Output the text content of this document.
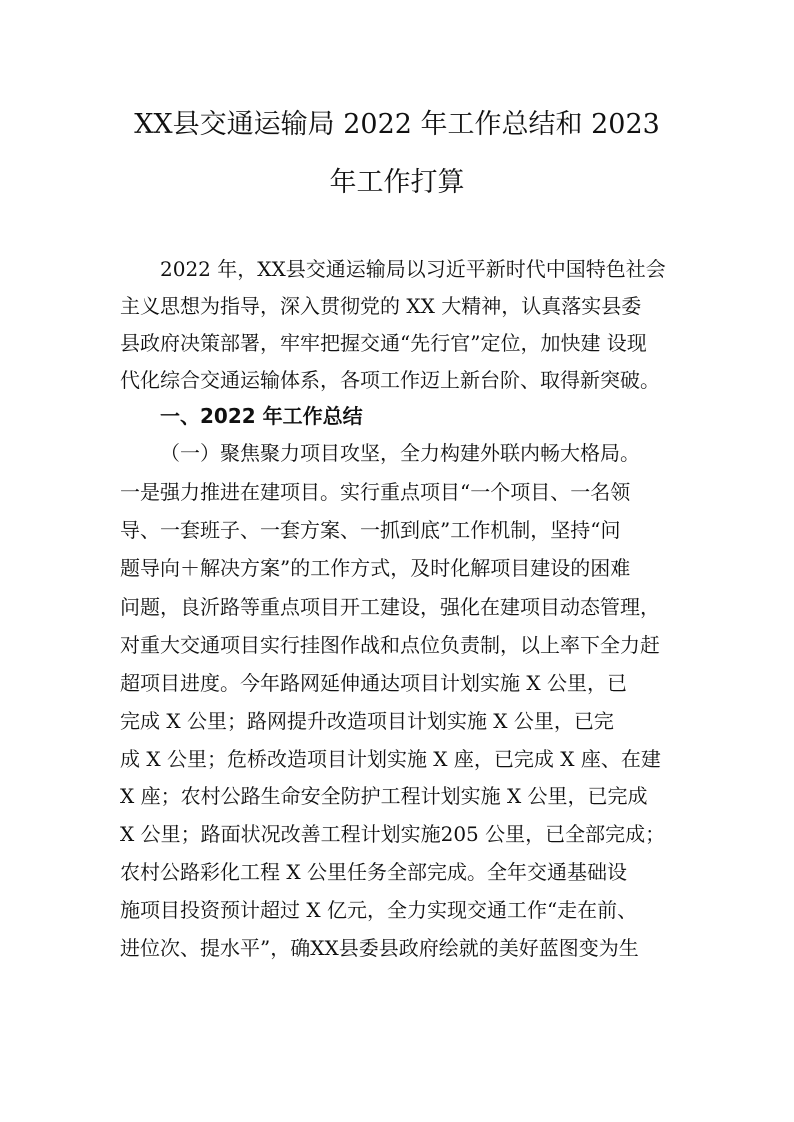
XX县交通运输局 2022 年工作总结和 2023
年工作打算
2022 年，XX县交通运输局以习近平新时代中国特色社会
主义思想为指导，深入贯彻党的 XX 大精神，认真落实县委
县政府决策部署，牢牢把握交通“先行官”定位，加快建 设现
代化综合交通运输体系，各项工作迈上新台阶、取得新突破。
一、2022 年工作总结
（一）聚焦聚力项目攻坚，全力构建外联内畅大格局。
一是强力推进在建项目。实行重点项目“一个项目、一名领
导、一套班子、一套方案、一抓到底”工作机制，坚持“问
题导向＋解决方案”的工作方式，及时化解项目建设的困难
问题，良沂路等重点项目开工建设，强化在建项目动态管理，
对重大交通项目实行挂图作战和点位负责制，以上率下全力赶
超项目进度。今年路网延伸通达项目计划实施 X 公里，已
完成 X 公里；路网提升改造项目计划实施 X 公里，已完
成 X 公里；危桥改造项目计划实施 X 座，已完成 X 座、在建
X 座；农村公路生命安全防护工程计划实施 X 公里，已完成
X 公里；路面状况改善工程计划实施205 公里，已全部完成；
农村公路彩化工程 X 公里任务全部完成。全年交通基础设
施项目投资预计超过 X 亿元，全力实现交通工作“走在前、
进位次、提水平”，确XX县委县政府绘就的美好蓝图变为生
